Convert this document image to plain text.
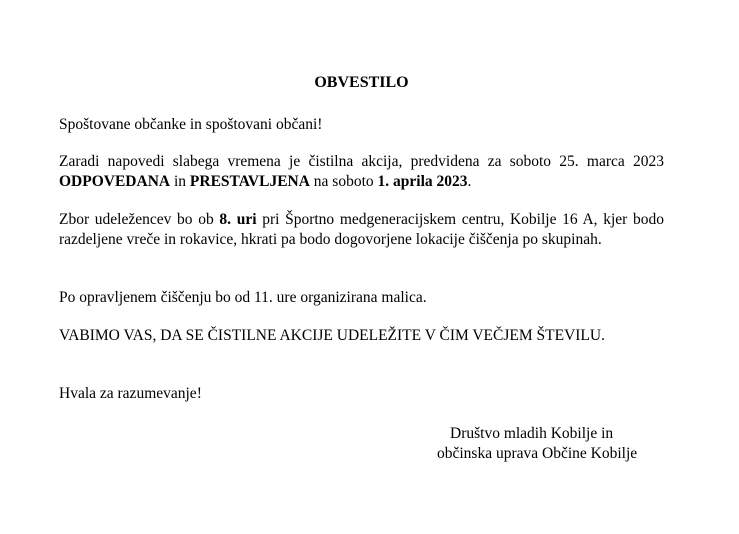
OBVESTILO

Spoštovane občanke in spoštovani občani!

Zaradi napovedi slabega vremena je čistilna akcija, predvidena za soboto 25. marca 2023 ODPOVEDANA in PRESTAVLJENA na soboto 1. aprila 2023.

Zbor udeležencev bo ob 8. uri pri Športno medgeneracijskem centru, Kobilje 16 A, kjer bodo razdeljene vreče in rokavice, hkrati pa bodo dogovorjene lokacije čiščenja po skupinah.

Po opravljenem čiščenju bo od 11. ure organizirana malica.

VABIMO VAS, DA SE ČISTILNE AKCIJE UDELEŽITE V ČIM VEČJEM ŠTEVILU.

Hvala za razumevanje!

Društvo mladih Kobilje in
občinska uprava Občine Kobilje
